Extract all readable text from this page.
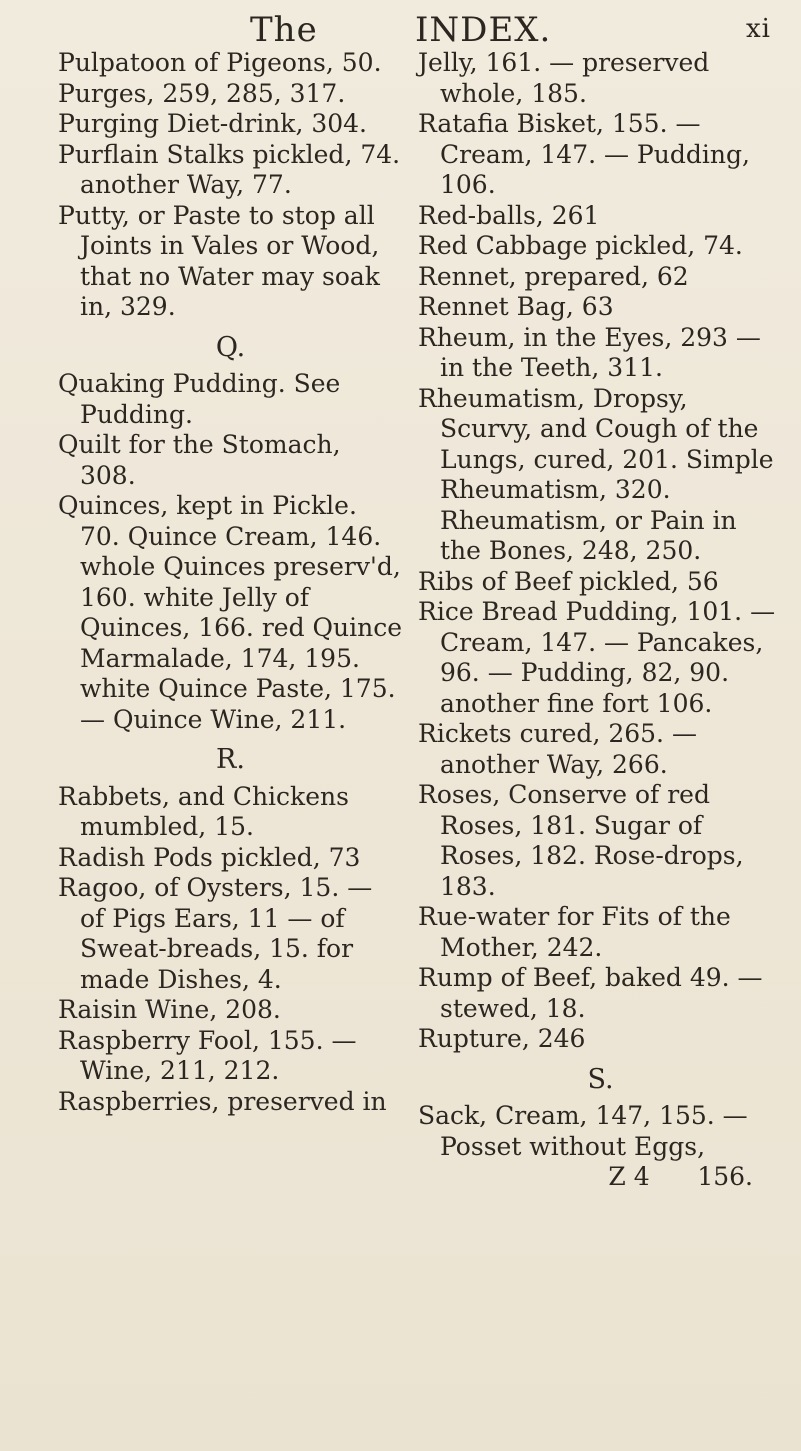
The	INDEX.	xi
Pulpatoon of Pigeons, 50.
Purges, 259, 285, 317.
Purging Diet-drink, 304.
Purflain Stalks pickled, 74. another Way, 77.
Putty, or Paste to stop all Joints in Vales or Wood, that no Water may soak in, 329.
Q.
Quaking Pudding. See Pudding.
Quilt for the Stomach, 308.
Quinces, kept in Pickle. 70. Quince Cream, 146. whole Quinces preserv'd, 160. white Jelly of Quinces, 166. red Quince Marmalade, 174, 195. white Quince Paste, 175. — Quince Wine, 211.
R.
Rabbets, and Chickens mumbled, 15.
Radish Pods pickled, 73
Ragoo, of Oysters, 15. — of Pigs Ears, 11 — of Sweat-breads, 15. for made Dishes, 4.
Raisin Wine, 208.
Raspberry Fool, 155. — Wine, 211, 212.
Raspberries, preserved in
Jelly, 161. — preserved whole, 185.
Ratafia Bisket, 155. — Cream, 147. — Pudding, 106.
Red-balls, 261
Red Cabbage pickled, 74.
Rennet, prepared, 62
Rennet Bag, 63
Rheum, in the Eyes, 293 — in the Teeth, 311.
Rheumatism, Dropsy, Scurvy, and Cough of the Lungs, cured, 201. Simple Rheumatism, 320. Rheumatism, or Pain in the Bones, 248, 250.
Ribs of Beef pickled, 56
Rice Bread Pudding, 101. — Cream, 147. — Pancakes, 96. — Pudding, 82, 90. another fine fort 106.
Rickets cured, 265. — another Way, 266.
Roses, Conserve of red Roses, 181. Sugar of Roses, 182. Rose-drops, 183.
Rue-water for Fits of the Mother, 242.
Rump of Beef, baked 49. — stewed, 18.
Rupture, 246
S.
Sack, Cream, 147, 155. — Posset without Eggs,
Z 4 156.
